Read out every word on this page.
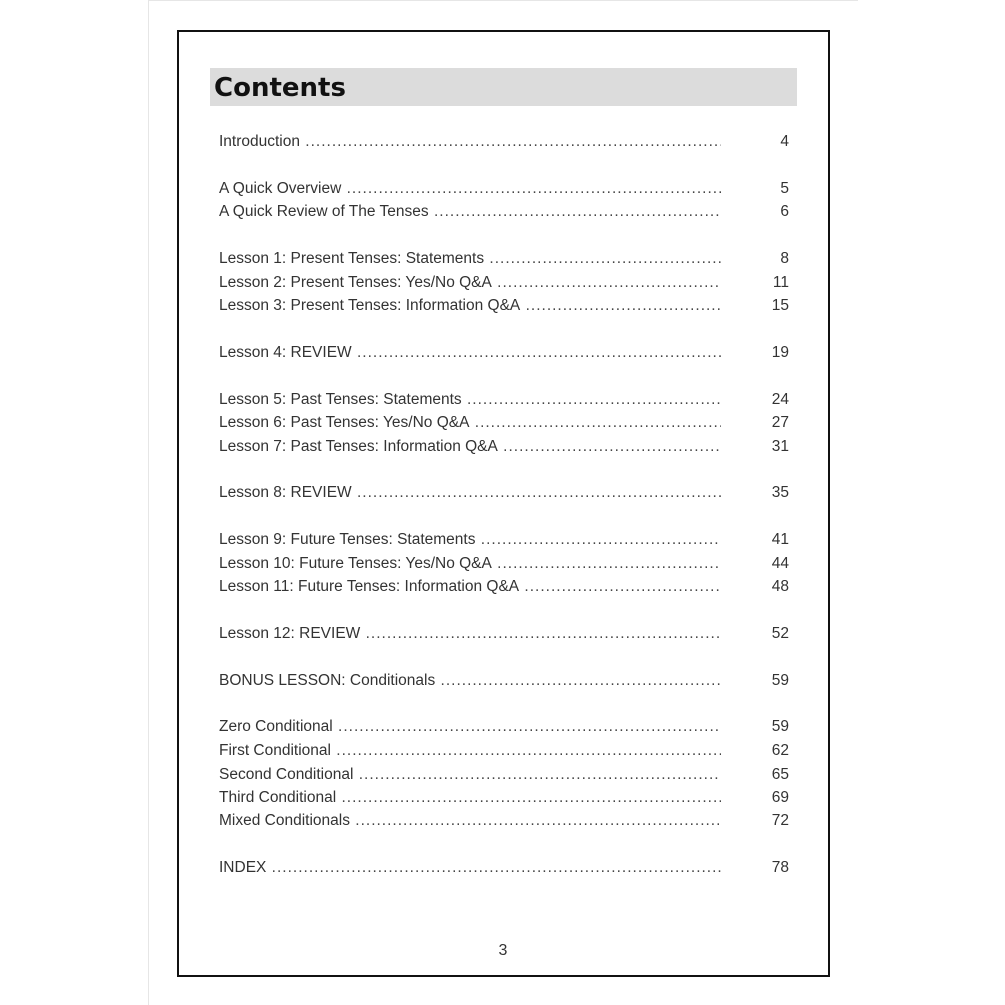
Contents
Introduction .....	4
A Quick Overview .....	5
A Quick Review of The Tenses .....	6
Lesson 1: Present Tenses: Statements .....	8
Lesson 2: Present Tenses: Yes/No Q&A .....	11
Lesson 3: Present Tenses: Information Q&A .....	15
Lesson 4: REVIEW .....	19
Lesson 5: Past Tenses: Statements .....	24
Lesson 6: Past Tenses: Yes/No Q&A .....	27
Lesson 7: Past Tenses: Information Q&A .....	31
Lesson 8: REVIEW .....	35
Lesson 9: Future Tenses: Statements .....	41
Lesson 10: Future Tenses: Yes/No Q&A .....	44
Lesson 11: Future Tenses: Information Q&A .....	48
Lesson 12: REVIEW .....	52
BONUS LESSON: Conditionals .....	59
Zero Conditional .....	59
First Conditional .....	62
Second Conditional .....	65
Third Conditional .....	69
Mixed Conditionals .....	72
INDEX .....	78
3
